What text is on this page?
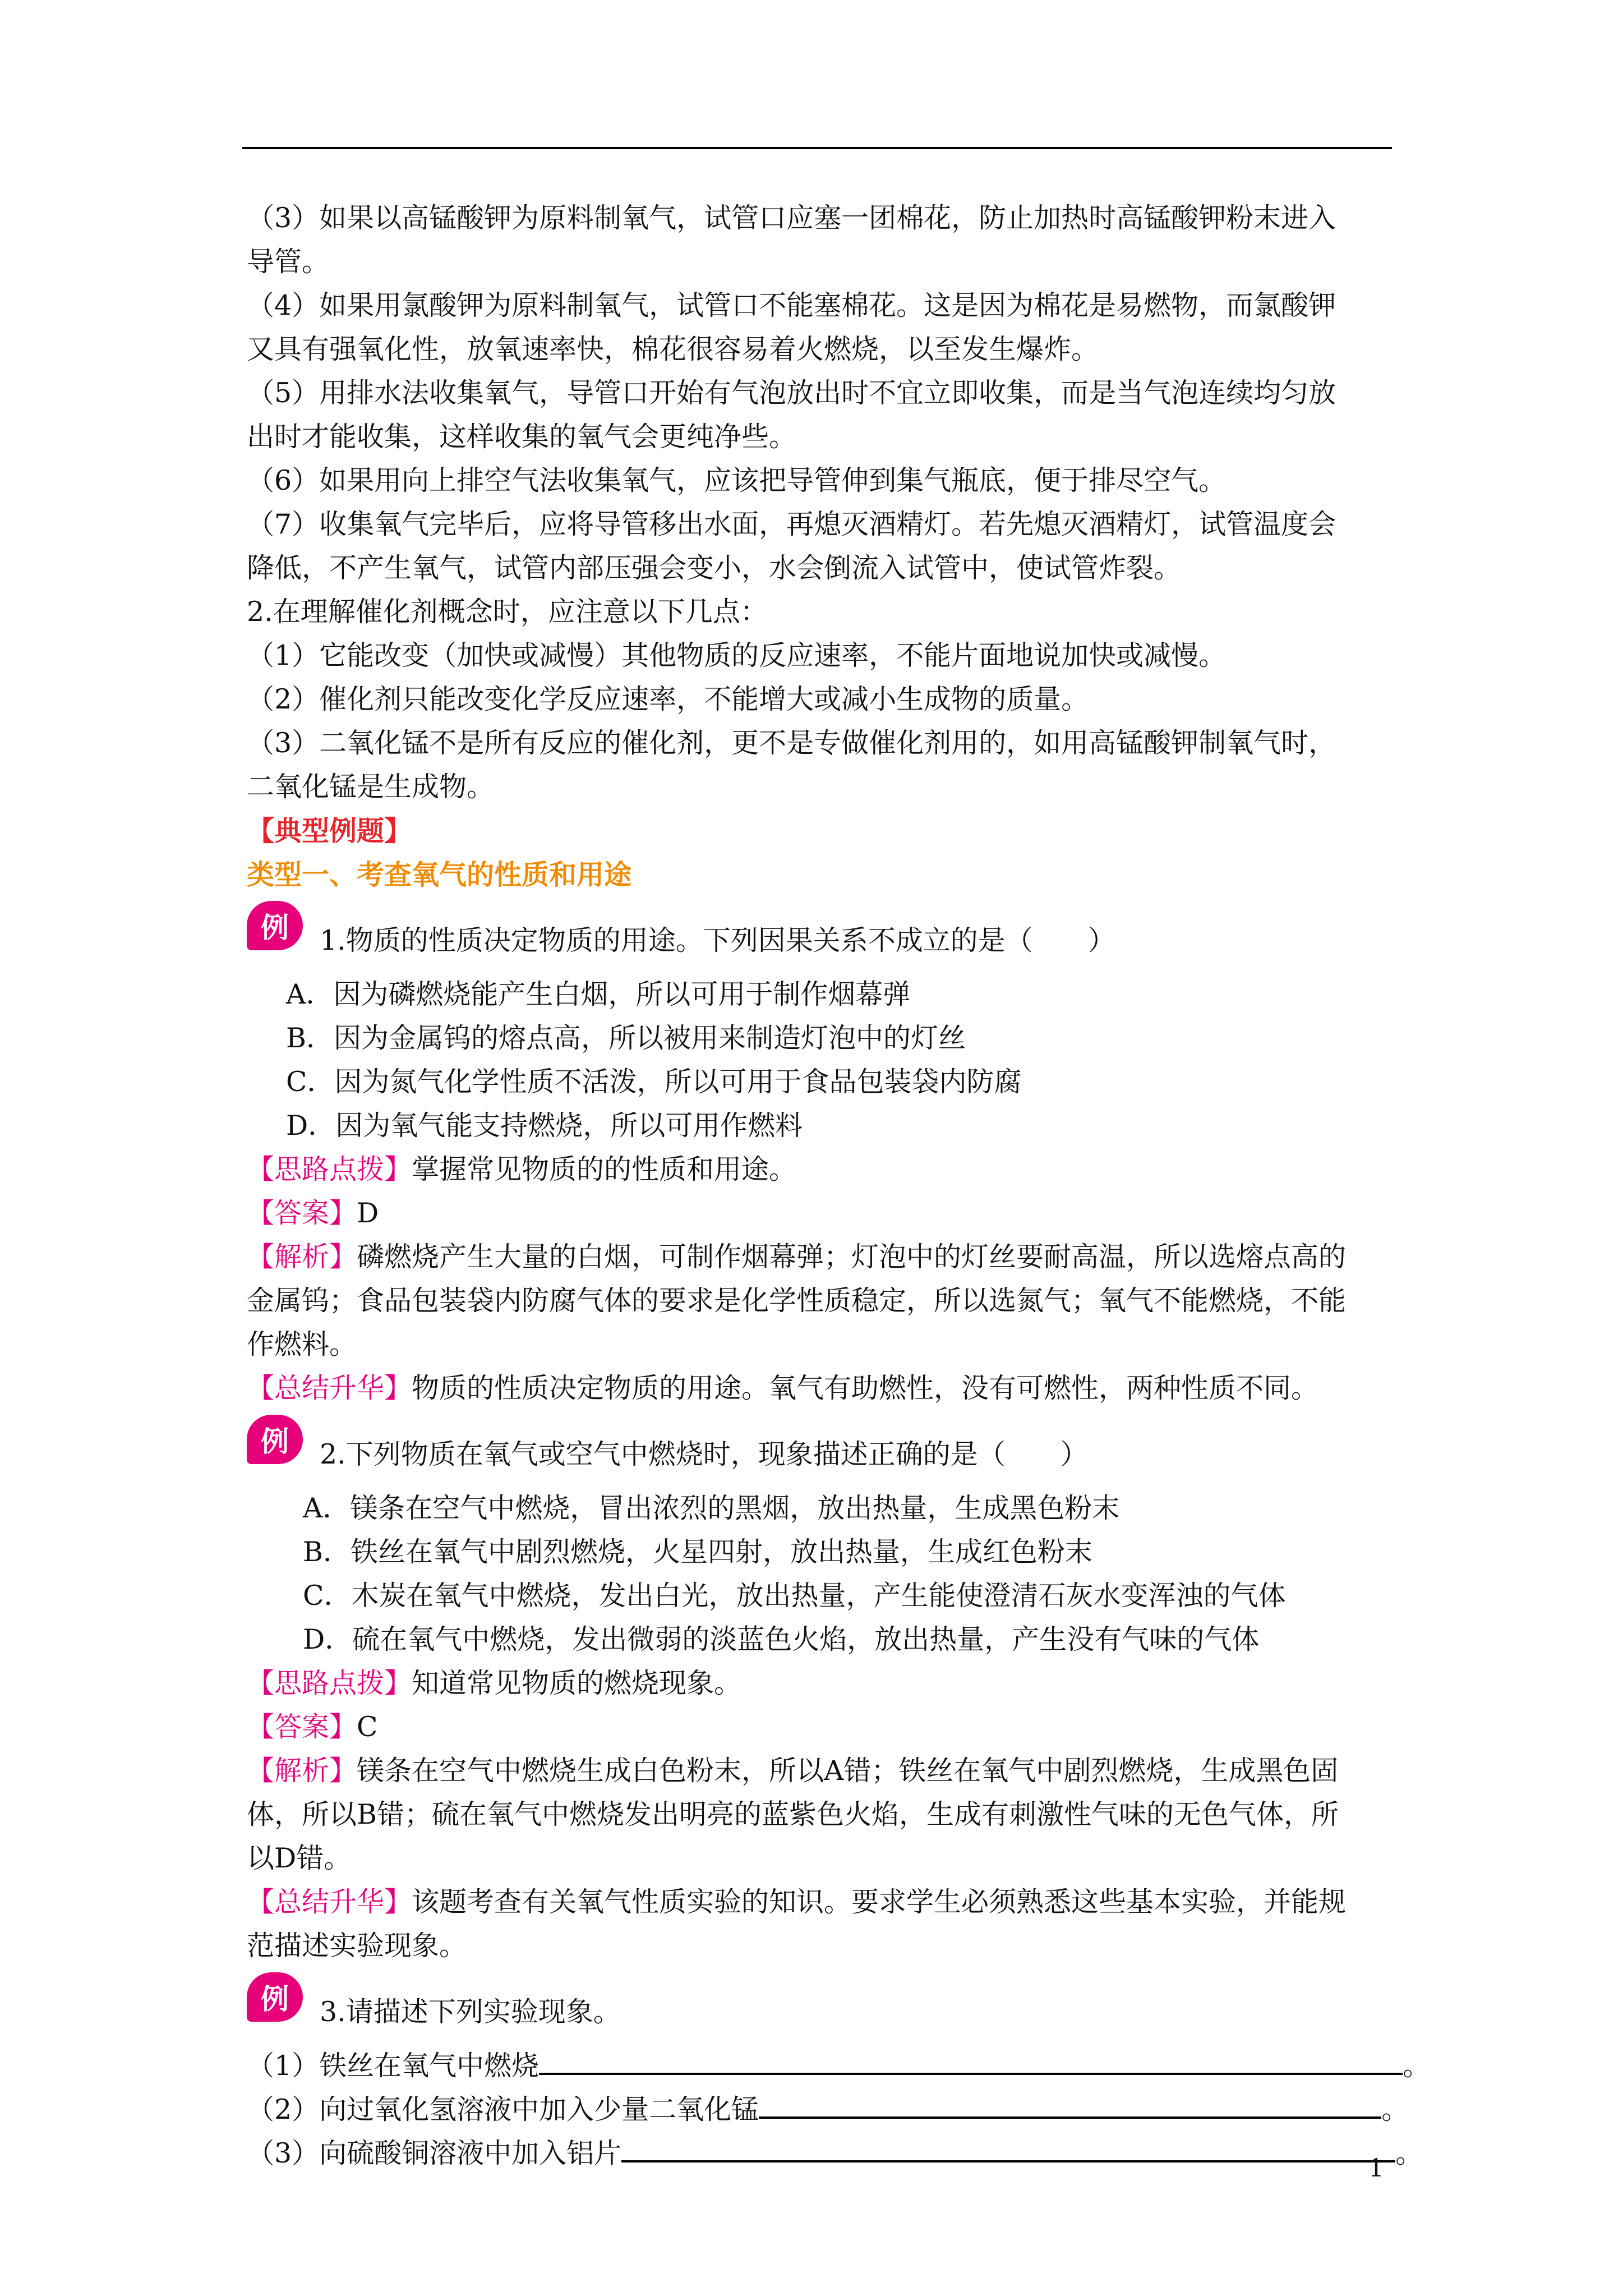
（3）如果以高锰酸钾为原料制氧气，试管口应塞一团棉花，防止加热时高锰酸钾粉末进入

导管。

（4）如果用氯酸钾为原料制氧气，试管口不能塞棉花。这是因为棉花是易燃物，而氯酸钾

又具有强氧化性，放氧速率快，棉花很容易着火燃烧，以至发生爆炸。

（5）用排水法收集氧气，导管口开始有气泡放出时不宜立即收集，而是当气泡连续均匀放

出时才能收集，这样收集的氧气会更纯净些。

（6）如果用向上排空气法收集氧气，应该把导管伸到集气瓶底，便于排尽空气。

（7）收集氧气完毕后，应将导管移出水面，再熄灭酒精灯。若先熄灭酒精灯，试管温度会

降低，不产生氧气，试管内部压强会变小，水会倒流入试管中，使试管炸裂。

2.在理解催化剂概念时，应注意以下几点：

（1）它能改变（加快或减慢）其他物质的反应速率，不能片面地说加快或减慢。

（2）催化剂只能改变化学反应速率，不能增大或减小生成物的质量。

（3）二氧化锰不是所有反应的催化剂，更不是专做催化剂用的，如用高锰酸钾制氧气时，

二氧化锰是生成物。

【典型例题】

类型一、考查氧气的性质和用途

例	1.物质的性质决定物质的用途。下列因果关系不成立的是（　　）

A．因为磷燃烧能产生白烟，所以可用于制作烟幕弹

B．因为金属钨的熔点高，所以被用来制造灯泡中的灯丝

C．因为氮气化学性质不活泼，所以可用于食品包装袋内防腐

D．因为氧气能支持燃烧，所以可用作燃料

【思路点拨】掌握常见物质的的性质和用途。

【答案】D

【解析】磷燃烧产生大量的白烟，可制作烟幕弹；灯泡中的灯丝要耐高温，所以选熔点高的

金属钨；食品包装袋内防腐气体的要求是化学性质稳定，所以选氮气；氧气不能燃烧，不能

作燃料。

【总结升华】物质的性质决定物质的用途。氧气有助燃性，没有可燃性，两种性质不同。

例	2.下列物质在氧气或空气中燃烧时，现象描述正确的是（　　）

A．镁条在空气中燃烧，冒出浓烈的黑烟，放出热量，生成黑色粉末

B．铁丝在氧气中剧烈燃烧，火星四射，放出热量，生成红色粉末

C．木炭在氧气中燃烧，发出白光，放出热量，产生能使澄清石灰水变浑浊的气体

D．硫在氧气中燃烧，发出微弱的淡蓝色火焰，放出热量，产生没有气味的气体

【思路点拨】知道常见物质的燃烧现象。

【答案】C

【解析】镁条在空气中燃烧生成白色粉末，所以A错；铁丝在氧气中剧烈燃烧，生成黑色固

体，所以B错；硫在氧气中燃烧发出明亮的蓝紫色火焰，生成有刺激性气味的无色气体，所

以D错。

【总结升华】该题考查有关氧气性质实验的知识。要求学生必须熟悉这些基本实验，并能规

范描述实验现象。

例	3.请描述下列实验现象。

（1）铁丝在氧气中燃烧	。

（2）向过氧化氢溶液中加入少量二氧化锰	。

（3）向硫酸铜溶液中加入铝片	。

1
